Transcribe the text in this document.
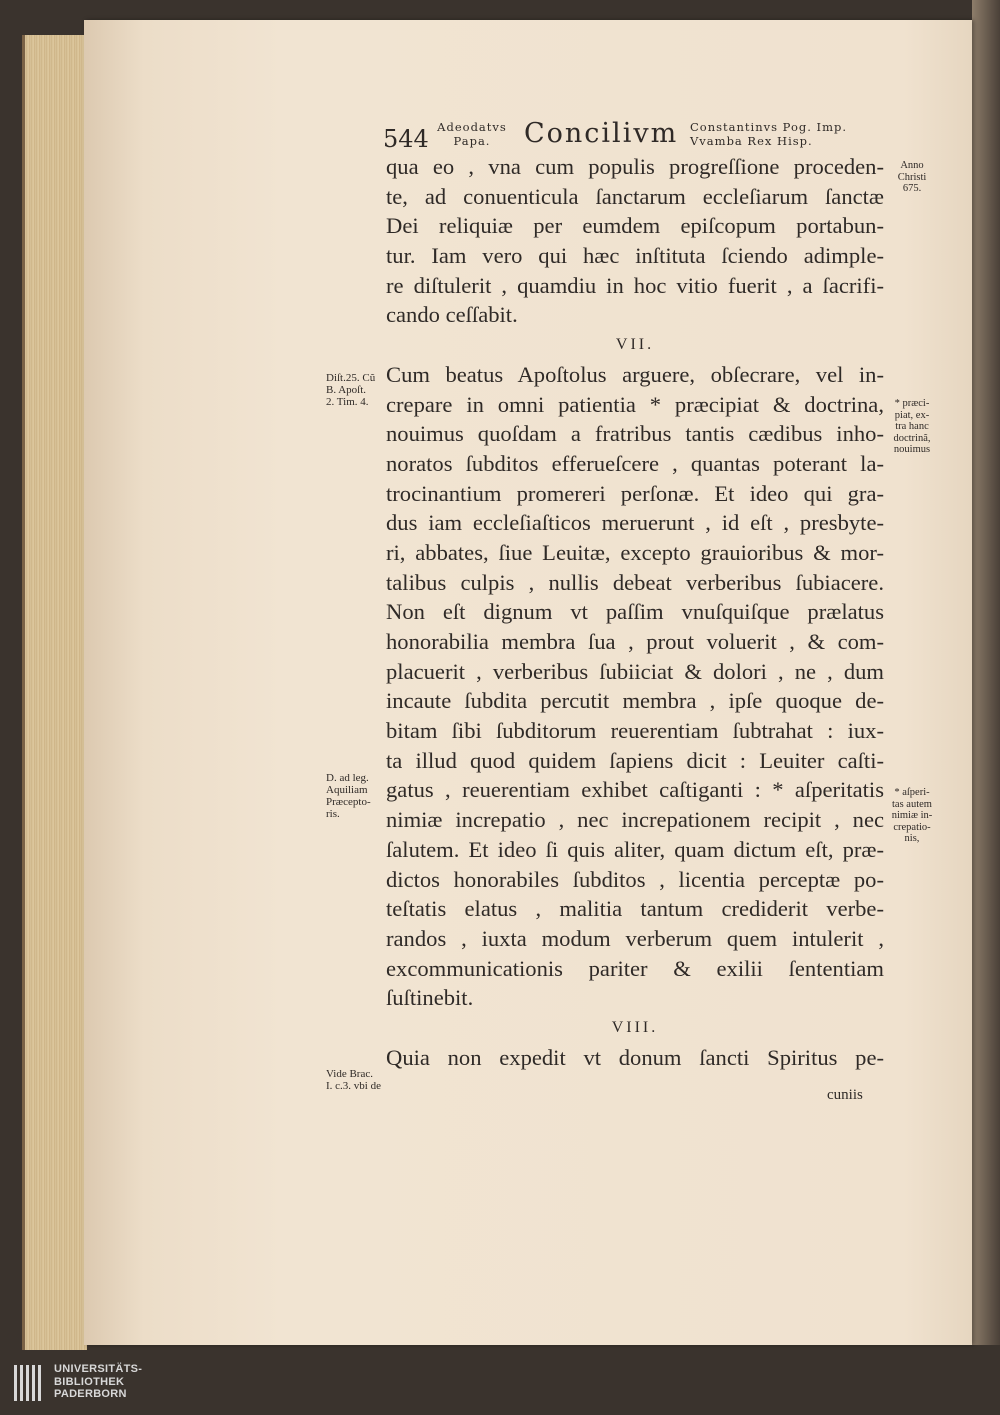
544 Adeodatvs
Papa.	Concilivm Constantinvs Pog. Imp.
Vvamba Rex Hisp.
qua eo , vna cum populis progreſſione proceden-
te, ad conuenticula ſanctarum eccleſiarum ſanctæ
Dei reliquiæ per eumdem epiſcopum portabun-
tur. Iam vero qui hæc inſtituta ſciendo adimple-
re diſtulerit , quamdiu in hoc vitio fuerit , a ſacrifi-
cando ceſſabit.
VII.
Cum beatus Apoſtolus arguere, obſecrare, vel in-
crepare in omni patientia * præcipiat & doctrina,
nouimus quoſdam a fratribus tantis cædibus inho-
noratos ſubditos efferueſcere , quantas poterant la-
trocinantium promereri perſonæ. Et ideo qui gra-
dus iam eccleſiaſticos meruerunt , id eſt , presbyte-
ri, abbates, ſiue Leuitæ, excepto grauioribus & mor-
talibus culpis , nullis debeat verberibus ſubiacere.
Non eſt dignum vt paſſim vnuſquiſque prælatus
honorabilia membra ſua , prout voluerit , & com-
placuerit , verberibus ſubiiciat & dolori , ne , dum
incaute ſubdita percutit membra , ipſe quoque de-
bitam ſibi ſubditorum reuerentiam ſubtrahat : iux-
ta illud quod quidem ſapiens dicit : Leuiter caſti-
gatus , reuerentiam exhibet caſtiganti : * aſperitatis
nimiæ increpatio , nec increpationem recipit , nec
ſalutem. Et ideo ſi quis aliter, quam dictum eſt, præ-
dictos honorabiles ſubditos , licentia perceptæ po-
teſtatis elatus , malitia tantum crediderit verbe-
randos , iuxta modum verberum quem intulerit ,
excommunicationis pariter & exilii ſententiam
ſuſtinebit.
VIII.
Quia non expedit vt donum ſancti Spiritus pe-
cuniis
Diſt.25. Cũ
B. Apoſt.
2. Tim. 4.
D. ad leg.
Aquiliam
Præcepto-
ris.
Vide Brac.
I. c.3. vbi de
Anno
Christi
675.
* præci-
piat, ex-
tra hanc
doctrinã,
nouimus
* aſperi-
tas autem
nimiæ in-
crepatio-
nis,
UNIVERSITÄTS-
BIBLIOTHEK
PADERBORN
